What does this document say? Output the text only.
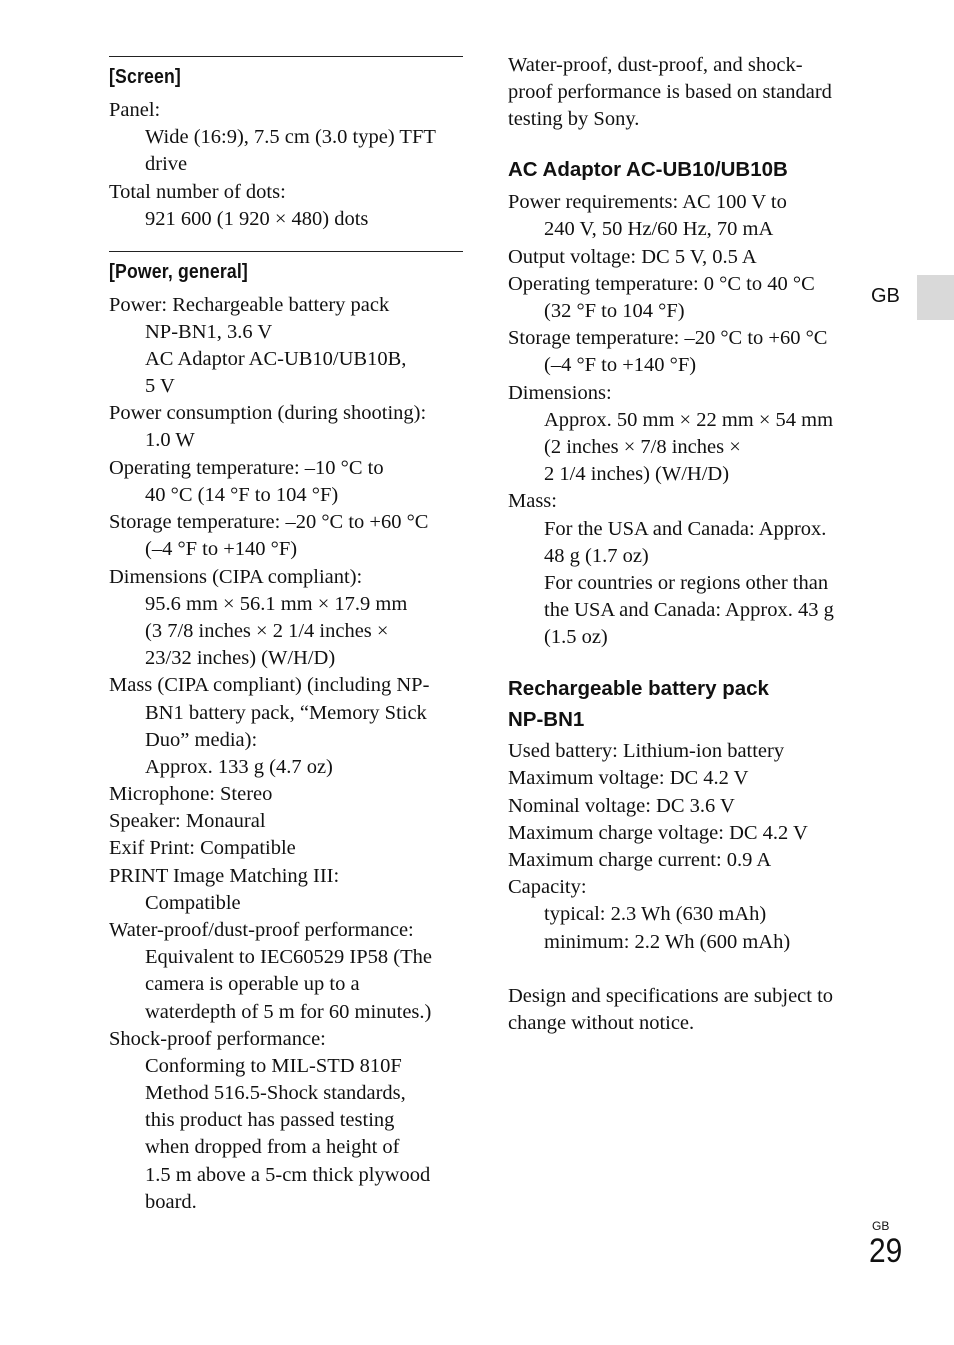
[Screen]
Panel:
Wide (16:9), 7.5 cm (3.0 type) TFT
drive
Total number of dots:
921 600 (1 920 × 480) dots
[Power, general]
Power: Rechargeable battery pack
NP-BN1, 3.6 V
AC Adaptor AC-UB10/UB10B,
5 V
Power consumption (during shooting):
1.0 W
Operating temperature: –10 °C to
40 °C (14 °F to 104 °F)
Storage temperature: –20 °C to +60 °C
(–4 °F to +140 °F)
Dimensions (CIPA compliant):
95.6 mm × 56.1 mm × 17.9 mm
(3 7/8 inches × 2 1/4 inches ×
23/32 inches) (W/H/D)
Mass (CIPA compliant) (including NP-
BN1 battery pack, “Memory Stick
Duo” media):
Approx. 133 g (4.7 oz)
Microphone: Stereo
Speaker: Monaural
Exif Print: Compatible
PRINT Image Matching III:
Compatible
Water-proof/dust-proof performance:
Equivalent to IEC60529 IP58 (The
camera is operable up to a
waterdepth of 5 m for 60 minutes.)
Shock-proof performance:
Conforming to MIL-STD 810F
Method 516.5-Shock standards,
this product has passed testing
when dropped from a height of
1.5 m above a 5-cm thick plywood
board.
Water-proof, dust-proof, and shock-
proof performance is based on standard
testing by Sony.
AC Adaptor AC-UB10/UB10B
Power requirements: AC 100 V to
240 V, 50 Hz/60 Hz, 70 mA
Output voltage: DC 5 V, 0.5 A
Operating temperature: 0 °C to 40 °C
(32 °F to 104 °F)
Storage temperature: –20 °C to +60 °C
(–4 °F to +140 °F)
Dimensions:
Approx. 50 mm × 22 mm × 54 mm
(2 inches × 7/8 inches ×
2 1/4 inches) (W/H/D)
Mass:
For the USA and Canada: Approx.
48 g (1.7 oz)
For countries or regions other than
the USA and Canada: Approx. 43 g
(1.5 oz)
Rechargeable battery pack
NP-BN1
Used battery: Lithium-ion battery
Maximum voltage: DC 4.2 V
Nominal voltage: DC 3.6 V
Maximum charge voltage: DC 4.2 V
Maximum charge current: 0.9 A
Capacity:
typical: 2.3 Wh (630 mAh)
minimum: 2.2 Wh (600 mAh)
Design and specifications are subject to
change without notice.
GB
GB
29
